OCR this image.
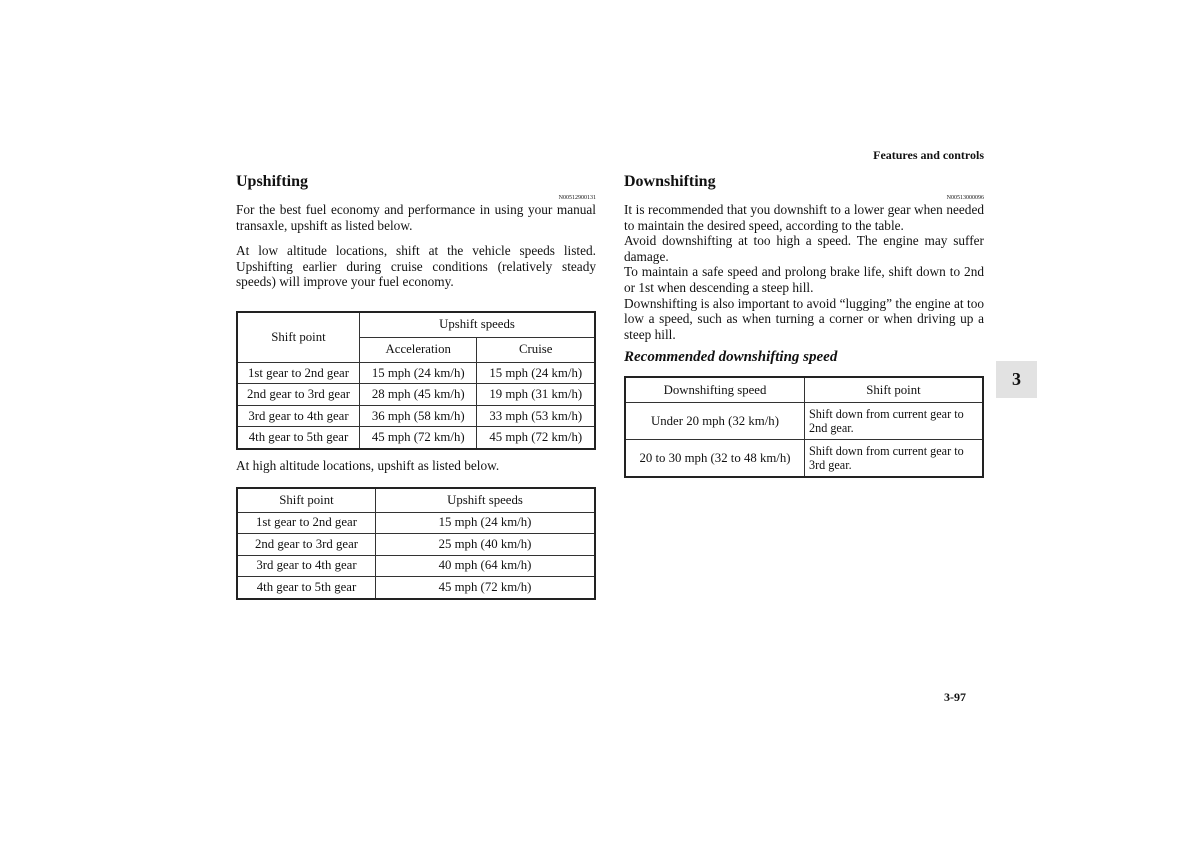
Features and controls
Upshifting
N00512900131

For the best fuel economy and performance in using your manual transaxle, upshift as listed below.

At low altitude locations, shift at the vehicle speeds listed. Upshifting earlier during cruise conditions (relatively steady speeds) will improve your fuel economy.

Shift point	Upshift speeds	
	Acceleration	Cruise
1st gear to 2nd gear	15 mph (24 km/h)	15 mph (24 km/h)
2nd gear to 3rd gear	28 mph (45 km/h)	19 mph (31 km/h)
3rd gear to 4th gear	36 mph (58 km/h)	33 mph (53 km/h)
4th gear to 5th gear	45 mph (72 km/h)	45 mph (72 km/h)

At high altitude locations, upshift as listed below.

Shift point	Upshift speeds
1st gear to 2nd gear	15 mph (24 km/h)
2nd gear to 3rd gear	25 mph (40 km/h)
3rd gear to 4th gear	40 mph (64 km/h)
4th gear to 5th gear	45 mph (72 km/h)
Downshifting
N00513000096

It is recommended that you downshift to a lower gear when needed to maintain the desired speed, according to the table.

Avoid downshifting at too high a speed. The engine may suffer damage.

To maintain a safe speed and prolong brake life, shift down to 2nd or 1st when descending a steep hill.

Downshifting is also important to avoid “lugging” the engine at too low a speed, such as when turning a corner or when driving up a steep hill.

Recommended downshifting speed
Downshifting speed	Shift point
Under 20 mph (32 km/h)	Shift down from current gear to 2nd gear.
20 to 30 mph (32 to 48 km/h)	Shift down from current gear to 3rd gear.
3
3-97
